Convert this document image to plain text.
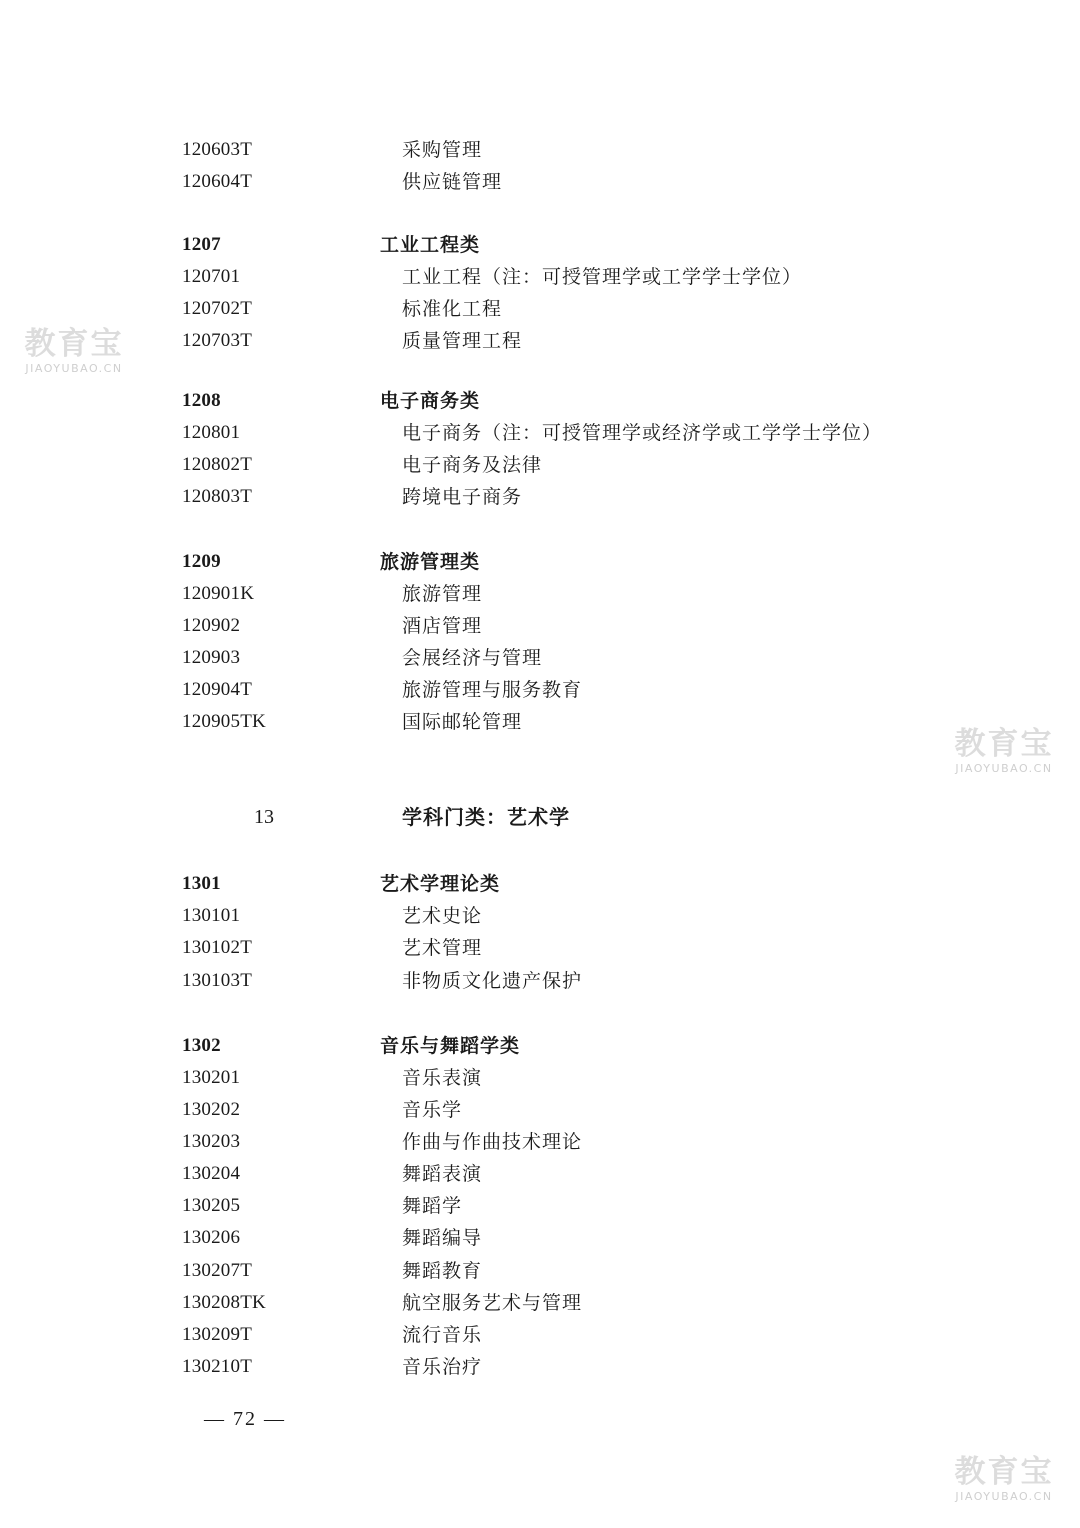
120603T	采购管理
120604T	供应链管理
1207	工业工程类
120701	工业工程（注：可授管理学或工学学士学位）
120702T	标准化工程
120703T	质量管理工程
1208	电子商务类
120801	电子商务（注：可授管理学或经济学或工学学士学位）
120802T	电子商务及法律
120803T	跨境电子商务
1209	旅游管理类
120901K	旅游管理
120902	酒店管理
120903	会展经济与管理
120904T	旅游管理与服务教育
120905TK	国际邮轮管理
13	学科门类：艺术学
1301	艺术学理论类
130101	艺术史论
130102T	艺术管理
130103T	非物质文化遗产保护
1302	音乐与舞蹈学类
130201	音乐表演
130202	音乐学
130203	作曲与作曲技术理论
130204	舞蹈表演
130205	舞蹈学
130206	舞蹈编导
130207T	舞蹈教育
130208TK	航空服务艺术与管理
130209T	流行音乐
130210T	音乐治疗
— 72 —
教育宝
JIAOYUBAO.CN
教育宝
JIAOYUBAO.CN
教育宝
JIAOYUBAO.CN
